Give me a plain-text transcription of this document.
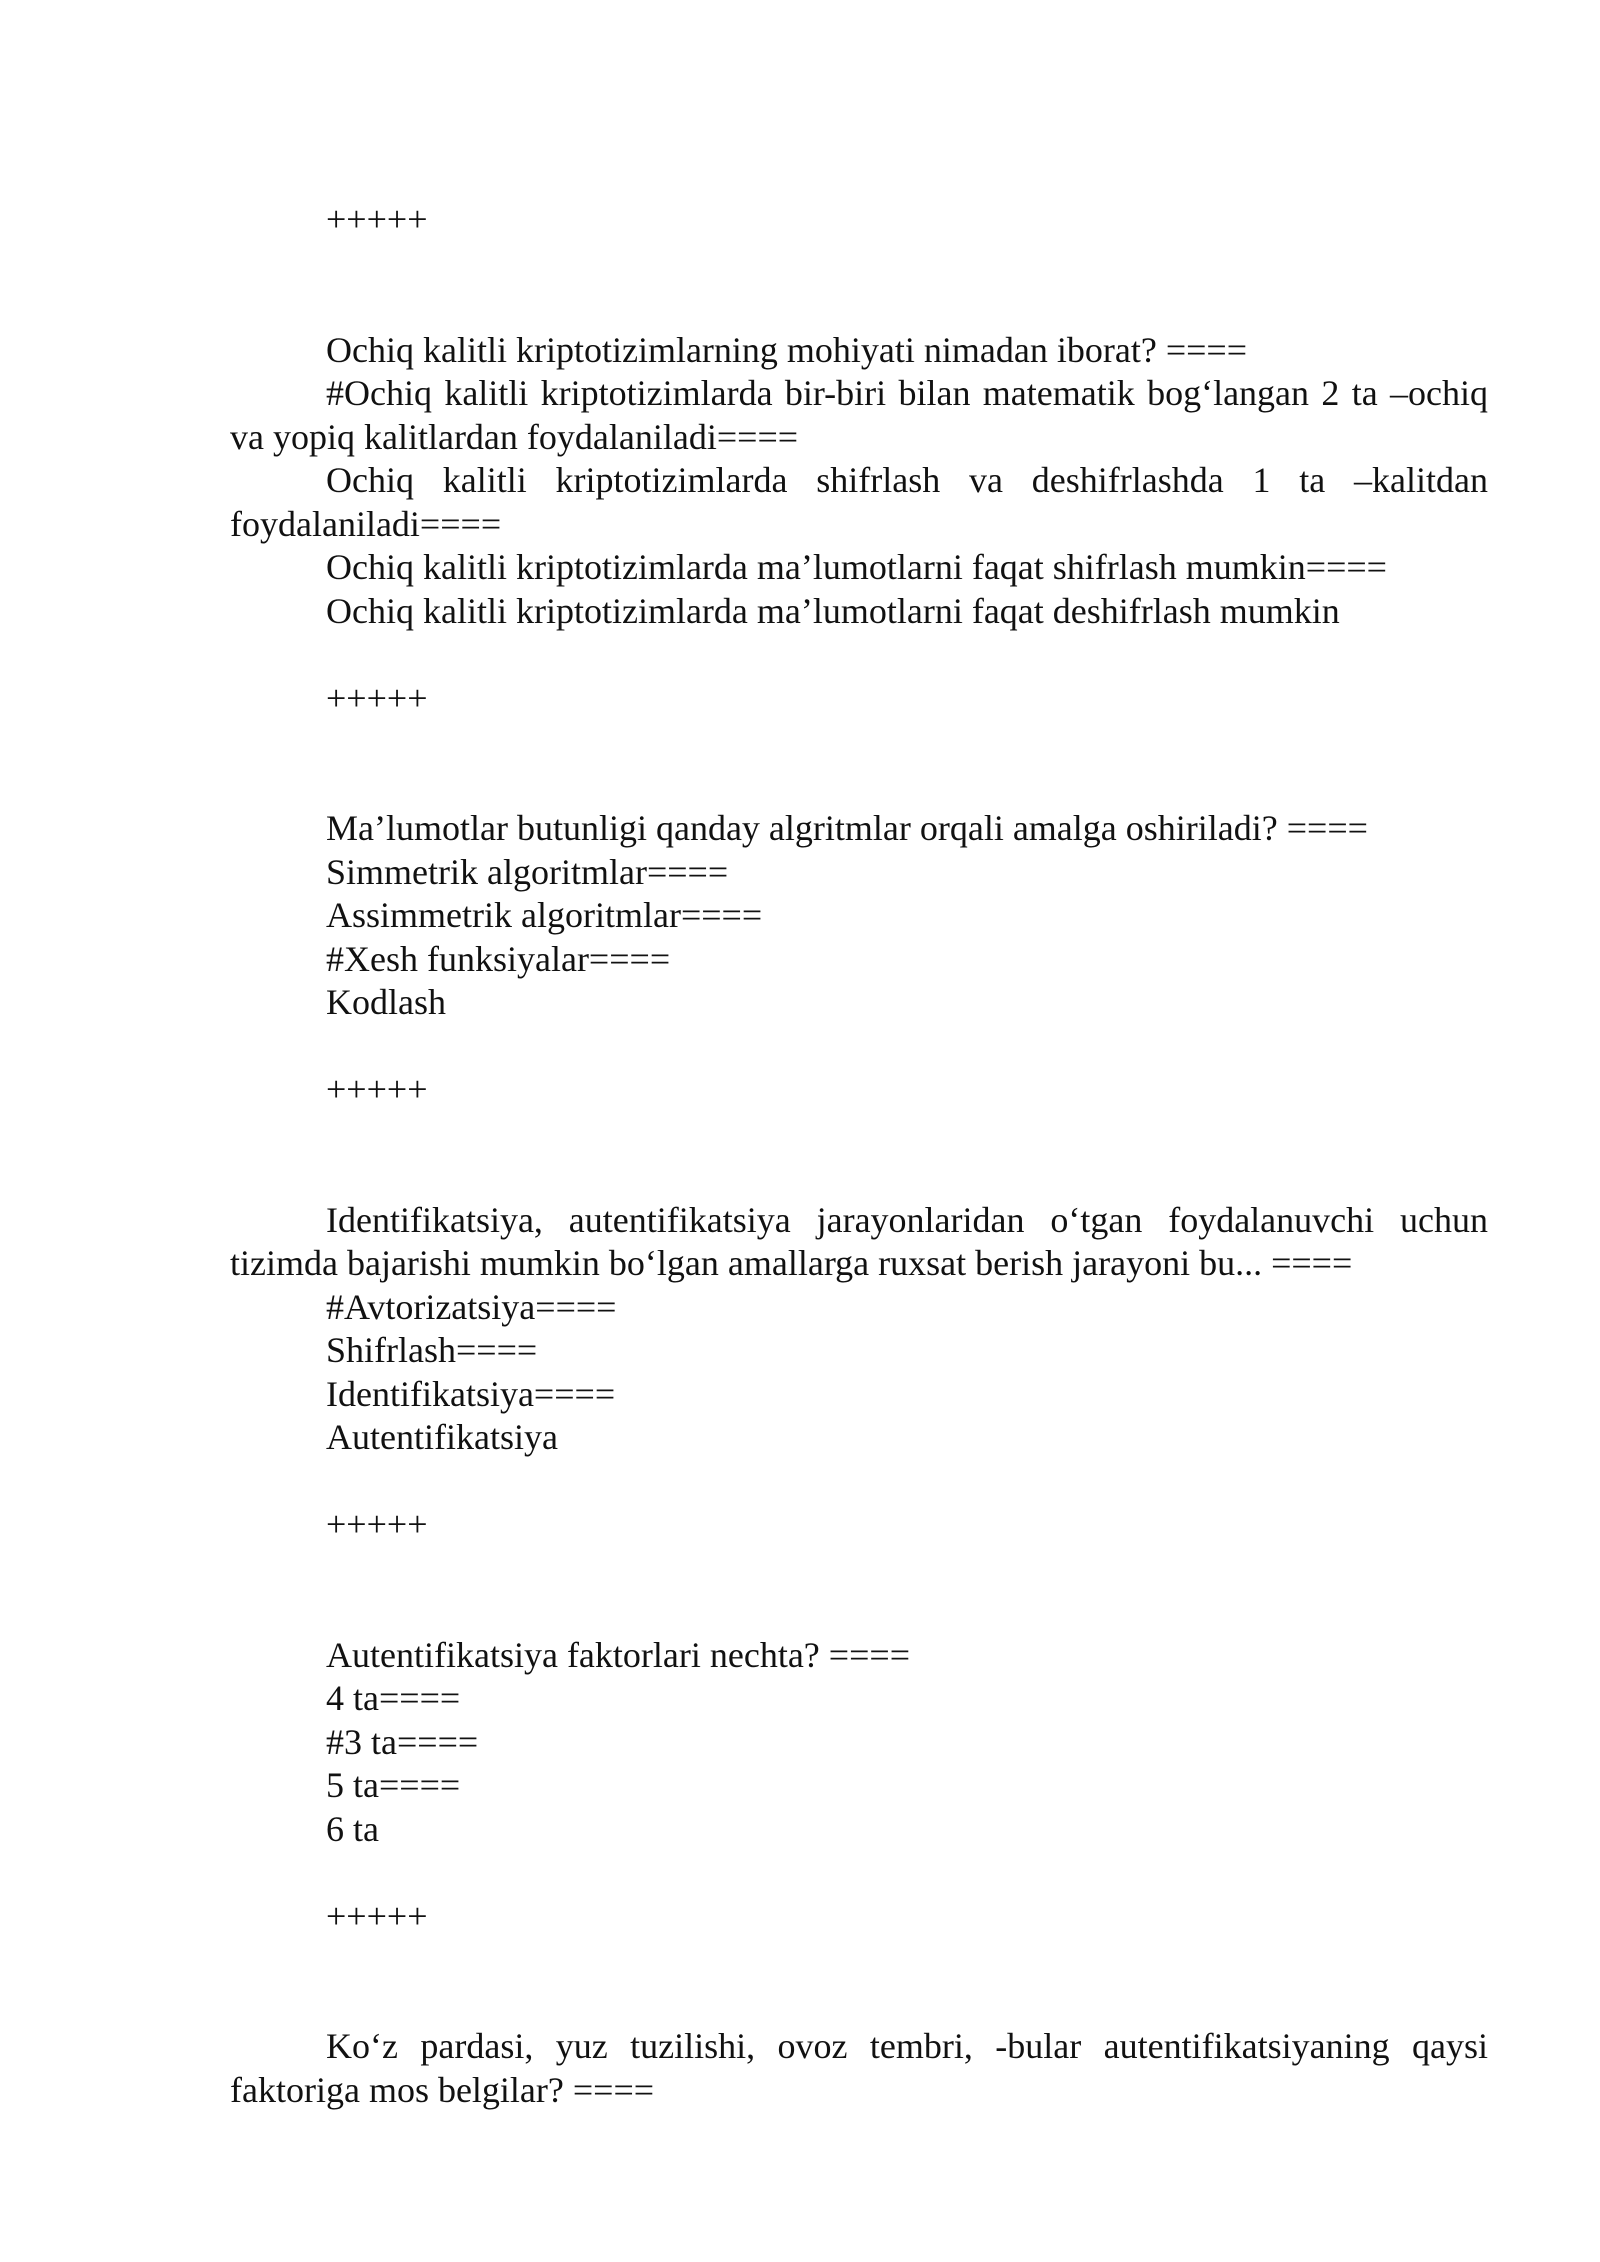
+++++

Ochiq kalitli kriptotizimlarning mohiyati nimadan iborat? ====

#Ochiq kalitli kriptotizimlarda bir-biri bilan matematik bog‘langan 2 ta –ochiq va yopiq kalitlardan foydalaniladi====

Ochiq kalitli kriptotizimlarda shifrlash va deshifrlashda 1 ta –kalitdan foydalaniladi====

Ochiq kalitli kriptotizimlarda ma’lumotlarni faqat shifrlash mumkin====

Ochiq kalitli kriptotizimlarda ma’lumotlarni faqat deshifrlash mumkin

+++++

Ma’lumotlar butunligi qanday algritmlar orqali amalga oshiriladi? ====

Simmetrik algoritmlar====

Assimmetrik algoritmlar====

#Xesh funksiyalar====

Kodlash

+++++

Identifikatsiya, autentifikatsiya jarayonlaridan o‘tgan foydalanuvchi uchun tizimda bajarishi mumkin bo‘lgan amallarga ruxsat berish jarayoni bu... ====

#Avtorizatsiya====

Shifrlash====

Identifikatsiya====

Autentifikatsiya

+++++

Autentifikatsiya faktorlari nechta? ====

4 ta====

#3 ta====

5 ta====

6 ta

+++++

Ko‘z pardasi, yuz tuzilishi, ovoz tembri, -bular autentifikatsiyaning qaysi faktoriga mos belgilar? ====
